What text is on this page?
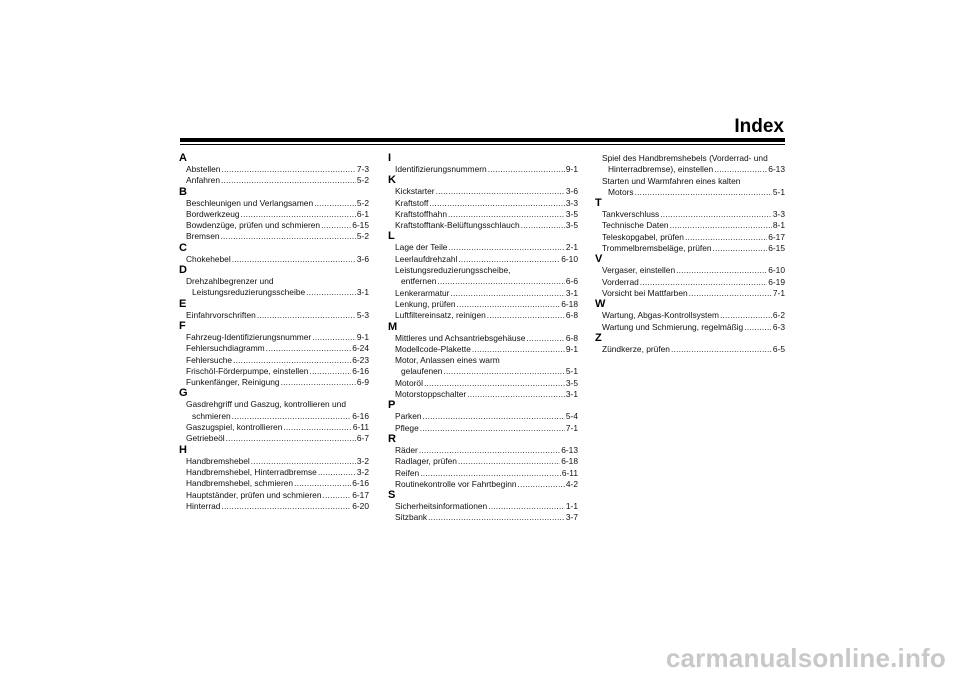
Index
A
Abstellen .....	7-3
Anfahren .....	5-2
B
Beschleunigen und Verlangsamen .....	5-2
Bordwerkzeug .....	6-1
Bowdenzüge, prüfen und schmieren .....	6-15
Bremsen .....	5-2
C
Chokehebel .....	3-6
D
Drehzahlbegrenzer und
Leistungsreduzierungsscheibe .....	3-1
E
Einfahrvorschriften .....	5-3
F
Fahrzeug-Identifizierungsnummer .....	9-1
Fehlersuchdiagramm .....	6-24
Fehlersuche .....	6-23
Frischöl-Förderpumpe, einstellen .....	6-16
Funkenfänger, Reinigung .....	6-9
G
Gasdrehgriff und Gaszug, kontrollieren und
schmieren .....	6-16
Gaszugspiel, kontrollieren .....	6-11
Getriebeöl .....	6-7
H
Handbremshebel .....	3-2
Handbremshebel, Hinterradbremse .....	3-2
Handbremshebel, schmieren .....	6-16
Hauptständer, prüfen und schmieren .....	6-17
Hinterrad .....	6-20
I
Identifizierungsnummern .....	9-1
K
Kickstarter .....	3-6
Kraftstoff .....	3-3
Kraftstoffhahn .....	3-5
Kraftstofftank-Belüftungsschlauch .....	3-5
L
Lage der Teile .....	2-1
Leerlaufdrehzahl .....	6-10
Leistungsreduzierungsscheibe,
entfernen .....	6-6
Lenkerarmatur .....	3-1
Lenkung, prüfen .....	6-18
Luftfiltereinsatz, reinigen .....	6-8
M
Mittleres und Achsantriebsgehäuse .....	6-8
Modellcode-Plakette .....	9-1
Motor, Anlassen eines warm
gelaufenen .....	5-1
Motoröl .....	3-5
Motorstoppschalter .....	3-1
P
Parken .....	5-4
Pflege .....	7-1
R
Räder .....	6-13
Radlager, prüfen .....	6-18
Reifen .....	6-11
Routinekontrolle vor Fahrtbeginn .....	4-2
S
Sicherheitsinformationen .....	1-1
Sitzbank .....	3-7
Spiel des Handbremshebels (Vorderrad- und
Hinterradbremse), einstellen .....	6-13
Starten und Warmfahren eines kalten
Motors .....	5-1
T
Tankverschluss .....	3-3
Technische Daten .....	8-1
Teleskopgabel, prüfen .....	6-17
Trommelbremsbeläge, prüfen .....	6-15
V
Vergaser, einstellen .....	6-10
Vorderrad .....	6-19
Vorsicht bei Mattfarben .....	7-1
W
Wartung, Abgas-Kontrollsystem .....	6-2
Wartung und Schmierung, regelmäßig .....	6-3
Z
Zündkerze, prüfen .....	6-5
carmanualsonline.info
